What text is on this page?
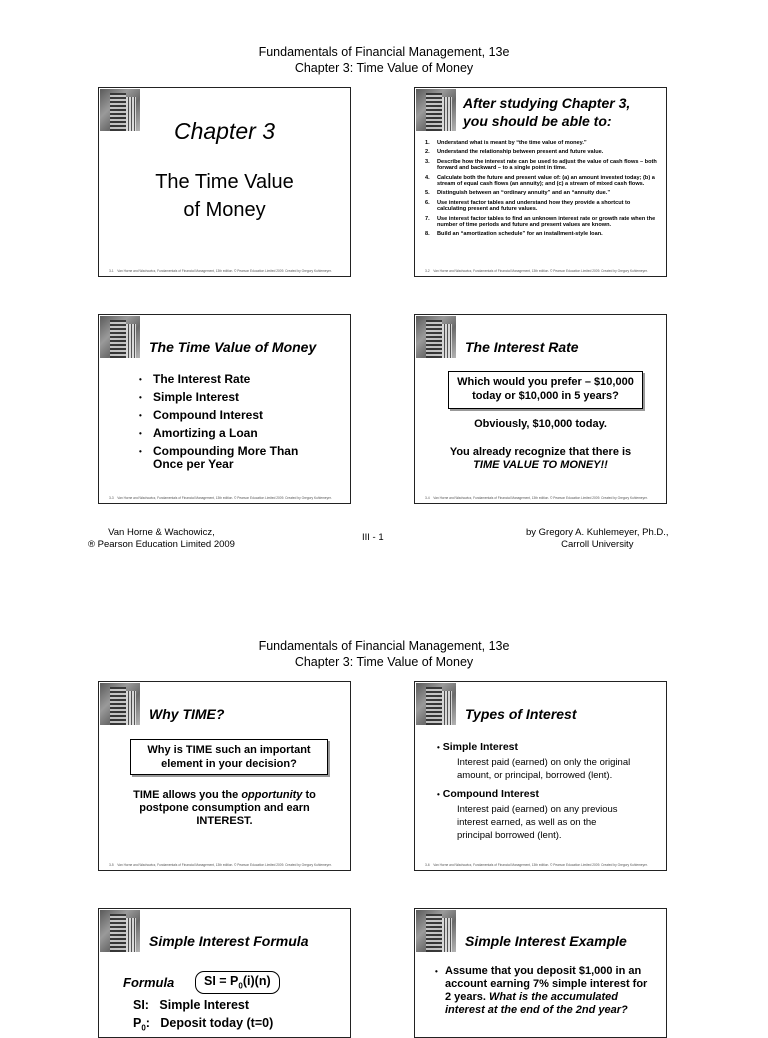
Fundamentals of Financial Management, 13e
Chapter 3: Time Value of Money
Chapter 3
The Time Value
of Money
3-1 Van Horne and Wachowicz, Fundamentals of Financial Management, 13th edition. © Pearson Education Limited 2009. Created by Gregory Kuhlemeyer.
After studying Chapter 3,
you should be able to:
1. Understand what is meant by “the time value of money.”
2. Understand the relationship between present and future value.
3. Describe how the interest rate can be used to adjust the value of cash flows – both forward and backward – to a single point in time.
4. Calculate both the future and present value of: (a) an amount invested today; (b) a stream of equal cash flows (an annuity); and (c) a stream of mixed cash flows.
5. Distinguish between an “ordinary annuity” and an “annuity due.”
6. Use interest factor tables and understand how they provide a shortcut to calculating present and future values.
7. Use interest factor tables to find an unknown interest rate or growth rate when the number of time periods and future and present values are known.
8. Build an “amortization schedule” for an installment-style loan.
3-2 Van Horne and Wachowicz, Fundamentals of Financial Management, 13th edition. © Pearson Education Limited 2009. Created by Gregory Kuhlemeyer.
The Time Value of Money
• The Interest Rate
• Simple Interest
• Compound Interest
• Amortizing a Loan
• Compounding More Than Once per Year
3-3 Van Horne and Wachowicz, Fundamentals of Financial Management, 13th edition. © Pearson Education Limited 2009. Created by Gregory Kuhlemeyer.
The Interest Rate
Which would you prefer – $10,000
today or $10,000 in 5 years?
Obviously, $10,000 today.
You already recognize that there is
TIME VALUE TO MONEY!!
3-4 Van Horne and Wachowicz, Fundamentals of Financial Management, 13th edition. © Pearson Education Limited 2009. Created by Gregory Kuhlemeyer.
Van Horne & Wachowicz,
® Pearson Education Limited 2009
III - 1	by Gregory A. Kuhlemeyer, Ph.D.,
Carroll University
Fundamentals of Financial Management, 13e
Chapter 3: Time Value of Money
Why TIME?
Why is TIME such an important
element in your decision?
TIME allows you the opportunity to
postpone consumption and earn
INTEREST.
3-5 Van Horne and Wachowicz, Fundamentals of Financial Management, 13th edition. © Pearson Education Limited 2009. Created by Gregory Kuhlemeyer.
Types of Interest
• Simple Interest
Interest paid (earned) on only the original
amount, or principal, borrowed (lent).
• Compound Interest
Interest paid (earned) on any previous
interest earned, as well as on the
principal borrowed (lent).
3-6 Van Horne and Wachowicz, Fundamentals of Financial Management, 13th edition. © Pearson Education Limited 2009. Created by Gregory Kuhlemeyer.
Simple Interest Formula
Formula	SI = $P_0(i)(n)$
SI: Simple Interest
$P_0$: Deposit today (t=0)
Simple Interest Example
• Assume that you deposit $1,000 in an
account earning 7% simple interest for
2 years. What is the accumulated
interest at the end of the 2nd year?
